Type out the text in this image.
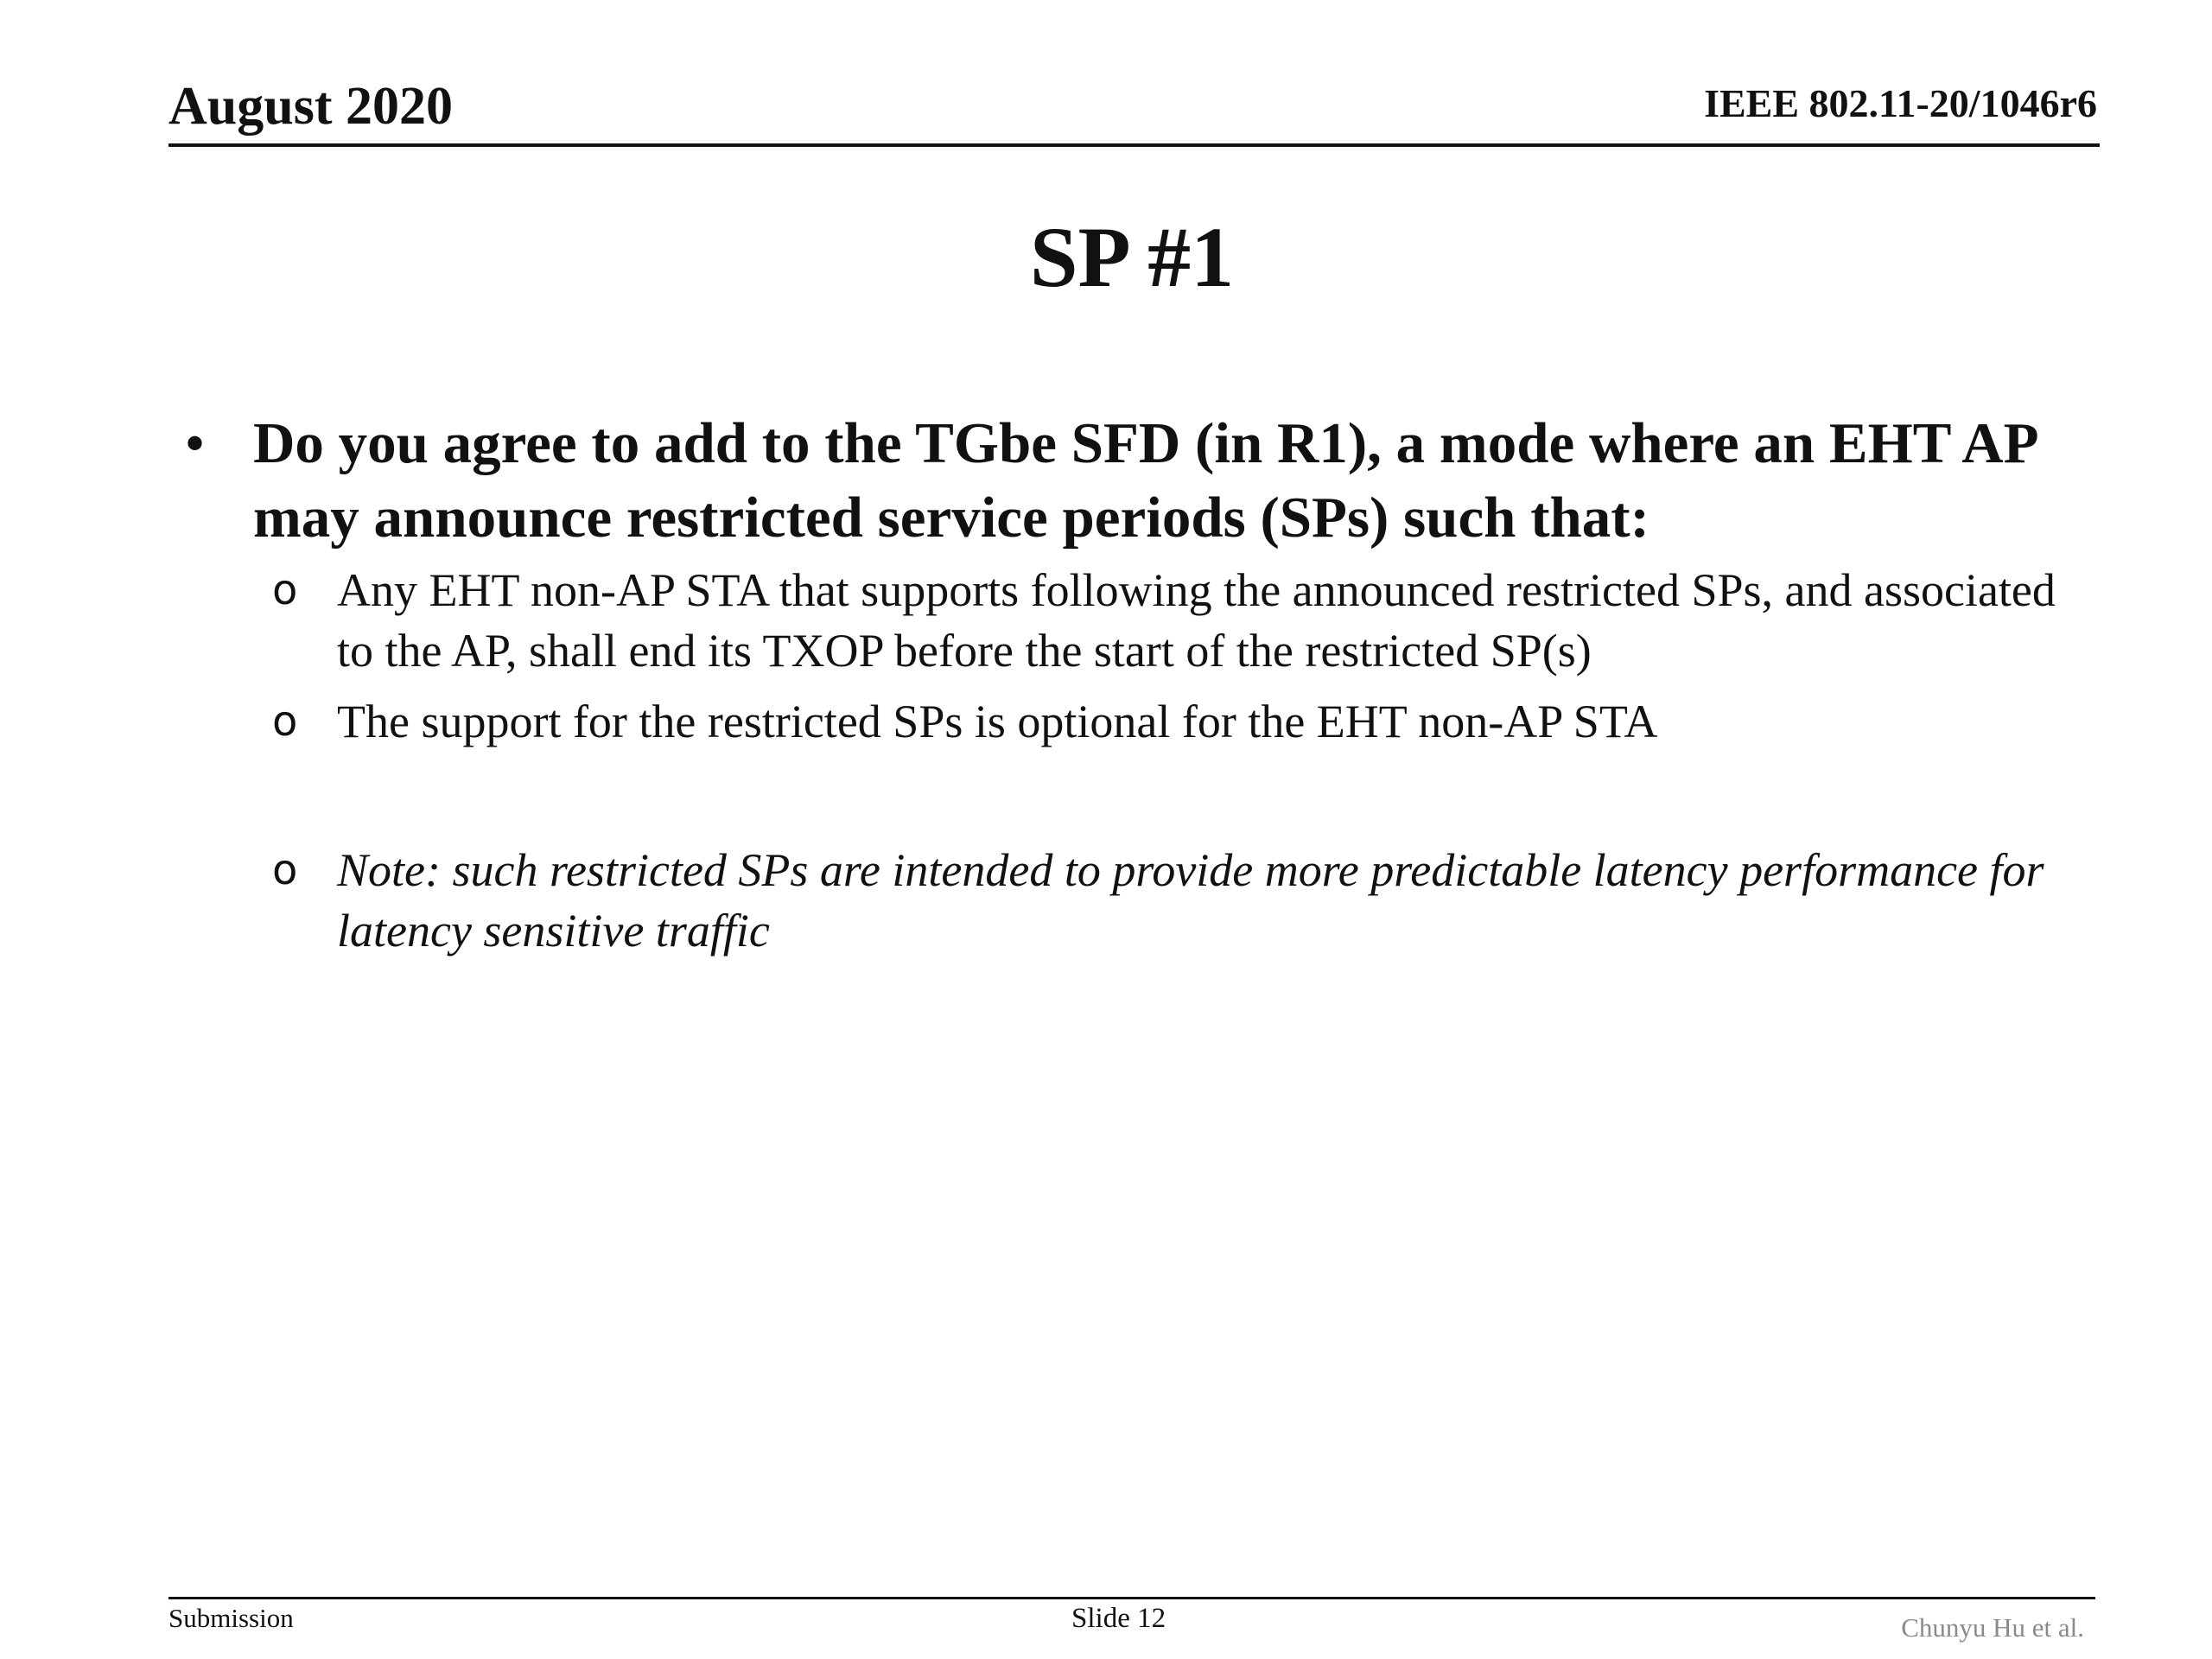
August 2020	IEEE 802.11-20/1046r6
SP #1
• Do you agree to add to the TGbe SFD (in R1), a mode where an EHT AP may announce restricted service periods (SPs) such that:
o Any EHT non-AP STA that supports following the announced restricted SPs, and associated to the AP, shall end its TXOP before the start of the restricted SP(s)
o The support for the restricted SPs is optional for the EHT non-AP STA
o Note: such restricted SPs are intended to provide more predictable latency performance for latency sensitive traffic
Submission	Slide 12	Chunyu Hu et al.
